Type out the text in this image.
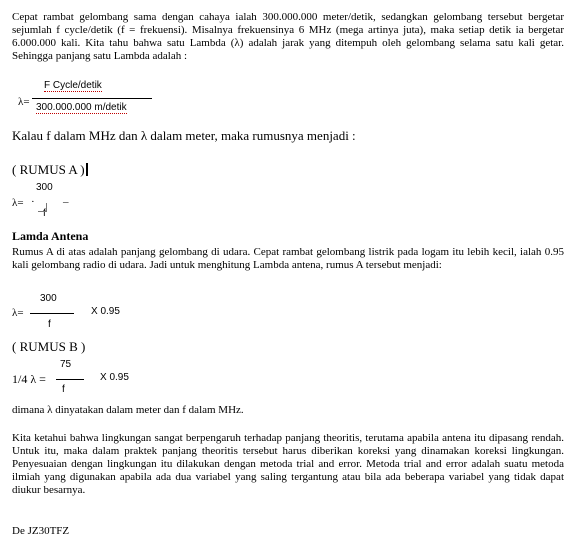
Cepat rambat gelombang sama dengan cahaya ialah 300.000.000 meter/detik, sedangkan gelombang tersebut bergetar sejumlah f cycle/detik (f = frekuensi). Misalnya frekuensinya 6 MHz (mega artinya juta), maka setiap detik ia bergetar 6.000.000 kali. Kita tahu bahwa satu Lambda (λ) adalah jarak yang ditempuh oleh gelombang selama satu kali getar. Sehingga panjang satu Lambda adalah :
F Cycle/detik
λ= 300.000.000 m/detik
Kalau f dalam MHz dan λ dalam meter, maka rumusnya menjadi :
( RUMUS A )
300
λ= ·	–
f
Lamda Antena
Rumus A di atas adalah panjang gelombang di udara. Cepat rambat gelombang listrik pada logam itu lebih kecil, ialah 0.95 kali gelombang radio di udara. Jadi untuk menghitung Lambda antena, rumus A tersebut menjadi:
300
λ=	X 0.95
f
( RUMUS B )
75
1/4 λ =	X 0.95
f
dimana λ dinyatakan dalam meter dan f dalam MHz.
Kita ketahui bahwa lingkungan sangat berpengaruh terhadap panjang theoritis, terutama apabila antena itu dipasang rendah. Untuk itu, maka dalam praktek panjang theoritis tersebut harus diberikan koreksi yang dinamakan koreksi lingkungan. Penyesuaian dengan lingkungan itu dilakukan dengan metoda trial and error. Metoda trial and error adalah suatu metoda ilmiah yang digunakan apabila ada dua variabel yang saling tergantung atau bila ada beberapa variabel yang tidak dapat diukur besarnya.
De JZ30TFZ
